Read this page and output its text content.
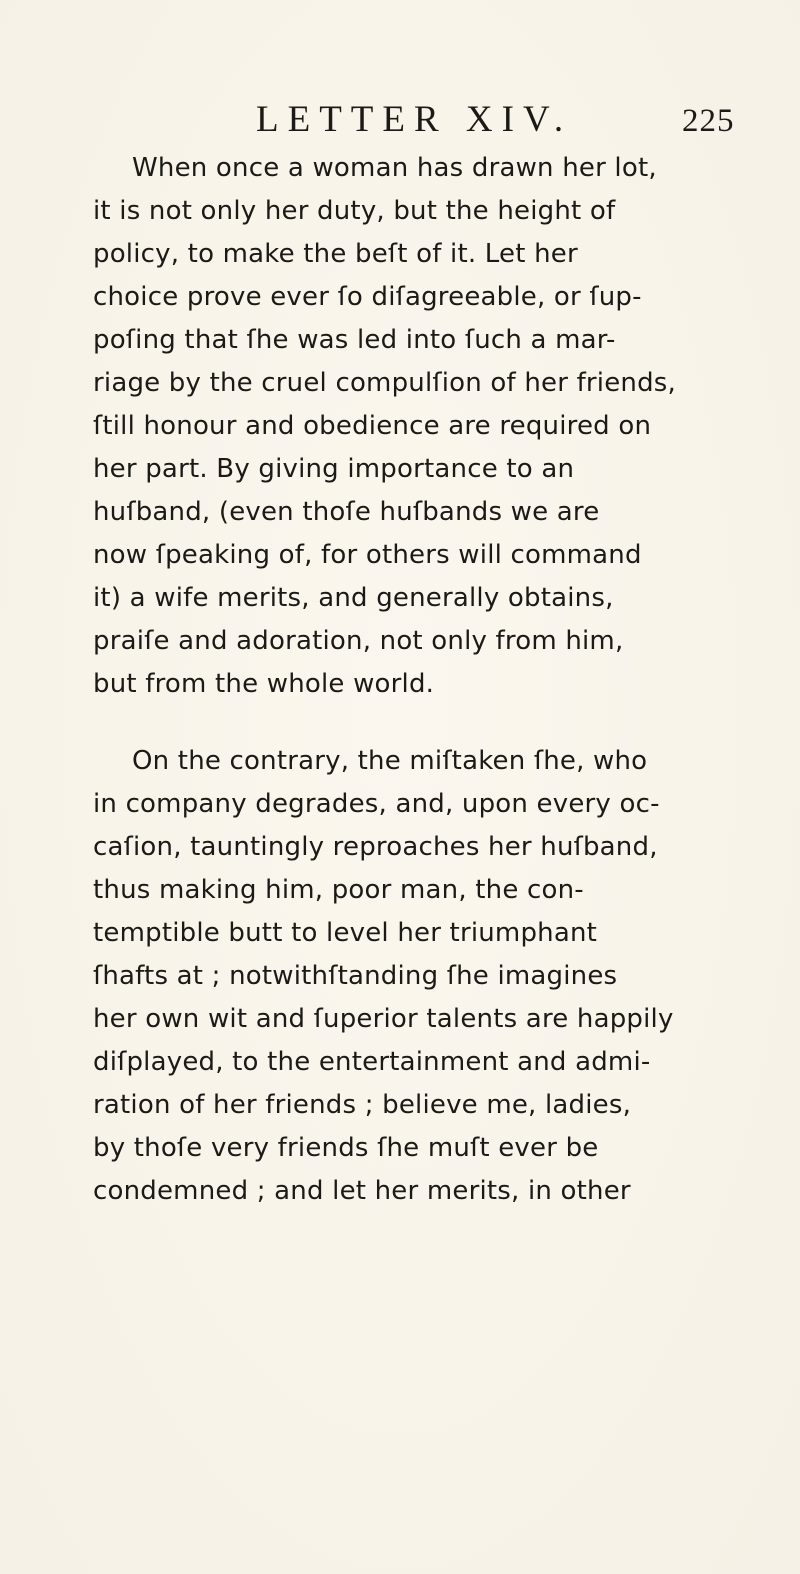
LETTER XIV.	225
When once a woman has drawn her lot,
it is not only her duty, but the height of
policy, to make the beſt of it. Let her
choice prove ever ſo diſagreeable, or ſup-
poſing that ſhe was led into ſuch a mar-
riage by the cruel compulſion of her friends,
ſtill honour and obedience are required on
her part. By giving importance to an
huſband, (even thoſe huſbands we are
now ſpeaking of, for others will command
it) a wife merits, and generally obtains,
praiſe and adoration, not only from him,
but from the whole world.
On the contrary, the miſtaken ſhe, who
in company degrades, and, upon every oc-
caſion, tauntingly reproaches her huſband,
thus making him, poor man, the con-
temptible butt to level her triumphant
ſhafts at ; notwithſtanding ſhe imagines
her own wit and ſuperior talents are happily
diſplayed, to the entertainment and admi-
ration of her friends ; believe me, ladies,
by thoſe very friends ſhe muſt ever be
condemned ; and let her merits, in other
